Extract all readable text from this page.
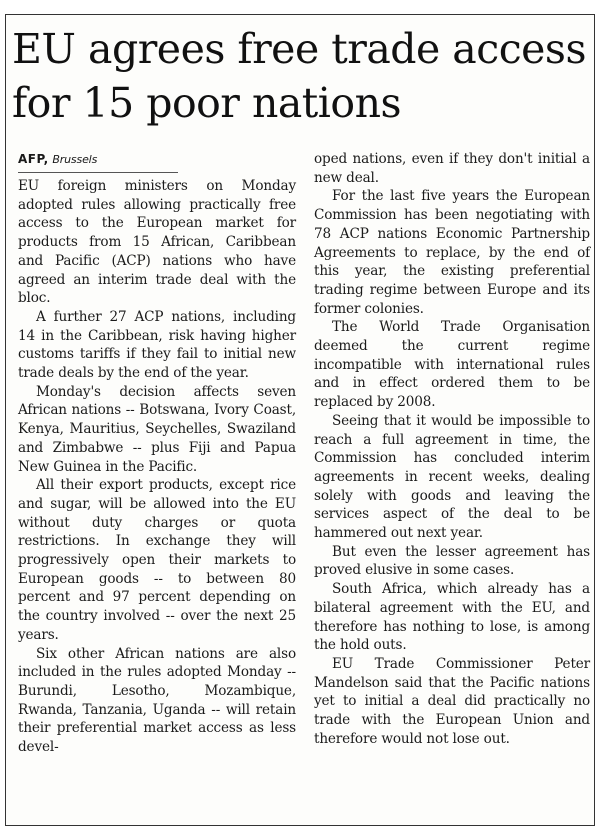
EU agrees free trade access
for 15 poor nations
AFP, Brussels

EU foreign ministers on Monday adopted rules allowing practically free access to the European market for products from 15 African, Caribbean and Pacific (ACP) nations who have agreed an interim trade deal with the bloc.

A further 27 ACP nations, including 14 in the Caribbean, risk having higher customs tariffs if they fail to initial new trade deals by the end of the year.

Monday's decision affects seven African nations -- Botswana, Ivory Coast, Kenya, Mauritius, Seychelles, Swaziland and Zimbabwe -- plus Fiji and Papua New Guinea in the Pacific.

All their export products, except rice and sugar, will be allowed into the EU without duty charges or quota restrictions. In exchange they will progressively open their markets to European goods -- to between 80 percent and 97 percent depending on the country involved -- over the next 25 years.

Six other African nations are also included in the rules adopted Monday -- Burundi, Lesotho, Mozambique, Rwanda, Tanzania, Uganda -- will retain their preferential market access as less devel-

oped nations, even if they don't initial a new deal.

For the last five years the European Commission has been negotiating with 78 ACP nations Economic Partnership Agreements to replace, by the end of this year, the existing preferential trading regime between Europe and its former colonies.

The World Trade Organisation deemed the current regime incompatible with international rules and in effect ordered them to be replaced by 2008.

Seeing that it would be impossible to reach a full agreement in time, the Commission has concluded interim agreements in recent weeks, dealing solely with goods and leaving the services aspect of the deal to be hammered out next year.

But even the lesser agreement has proved elusive in some cases.

South Africa, which already has a bilateral agreement with the EU, and therefore has nothing to lose, is among the hold outs.

EU Trade Commissioner Peter Mandelson said that the Pacific nations yet to initial a deal did practically no trade with the European Union and therefore would not lose out.
